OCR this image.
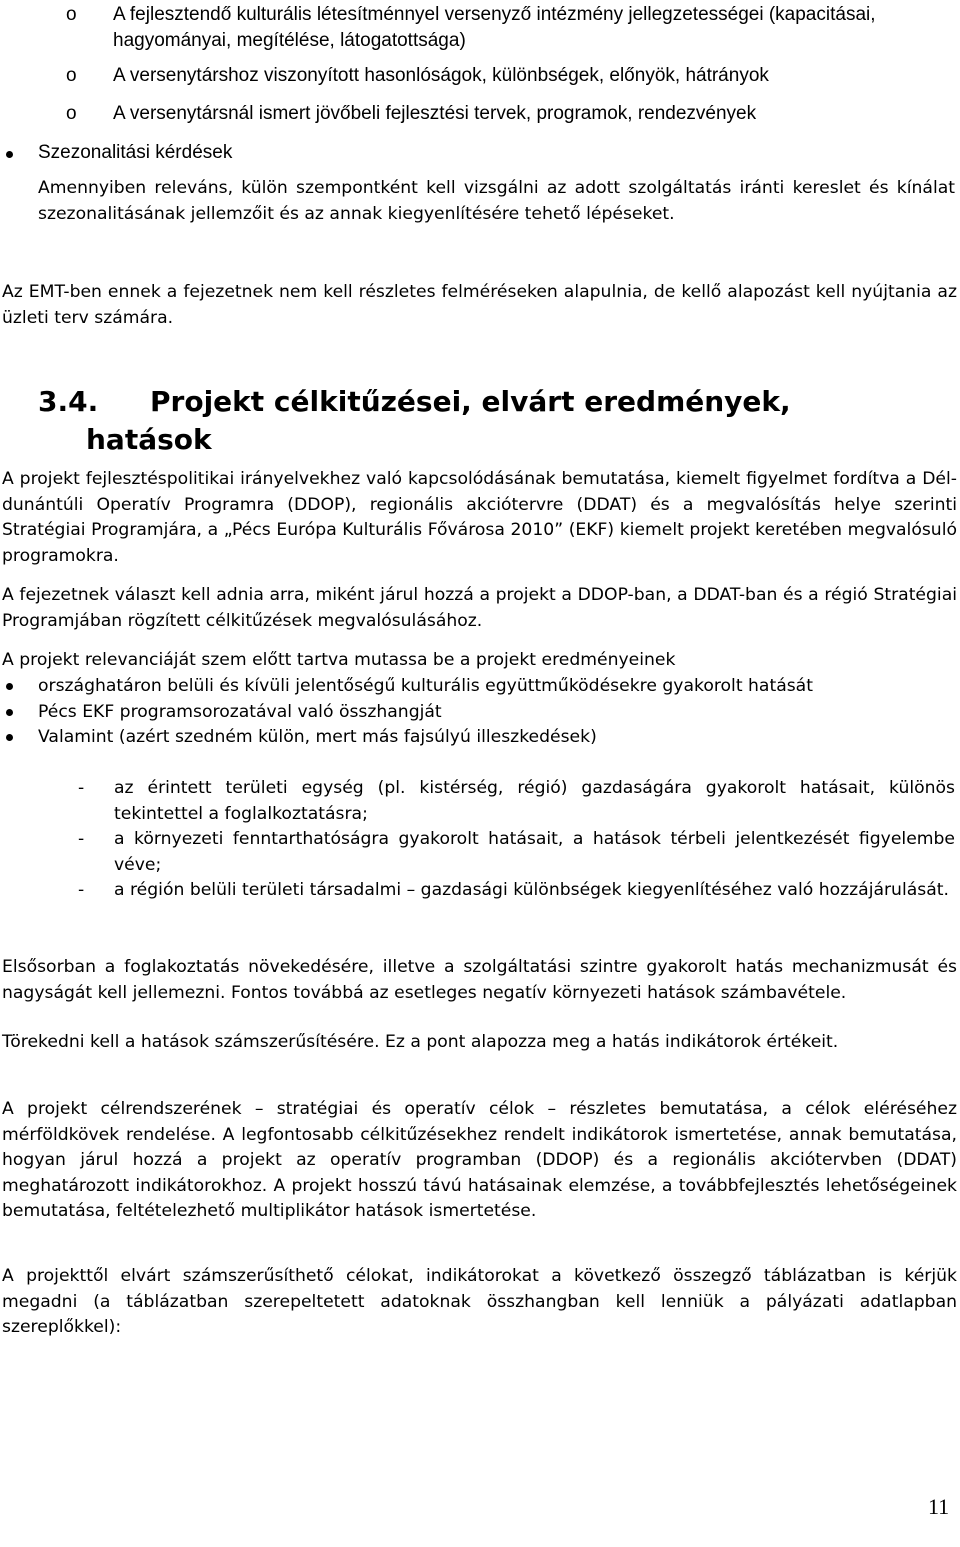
o A fejlesztendő kulturális létesítménnyel versenyző intézmény jellegzetességei (kapacitásai, hagyományai, megítélése, látogatottsága)
o A versenytárshoz viszonyított hasonlóságok, különbségek, előnyök, hátrányok
o A versenytársnál ismert jövőbeli fejlesztési tervek, programok, rendezvények
Szezonalitási kérdések

Amennyiben releváns, külön szempontként kell vizsgálni az adott szolgáltatás iránti kereslet és kínálat szezonalitásának jellemzőit és az annak kiegyenlítésére tehető lépéseket.

Az EMT-ben ennek a fejezetnek nem kell részletes felméréseken alapulnia, de kellő alapozást kell nyújtania az üzleti terv számára.

3.4. Projekt célkitűzései, elvárt eredmények,
hatások

A projekt fejlesztéspolitikai irányelvekhez való kapcsolódásának bemutatása, kiemelt figyelmet fordítva a Dél-dunántúli Operatív Programra (DDOP), regionális akciótervre (DDAT) és a megvalósítás helye szerinti Stratégiai Programjára, a „Pécs Európa Kulturális Fővárosa 2010” (EKF) kiemelt projekt keretében megvalósuló programokra.

A fejezetnek választ kell adnia arra, miként járul hozzá a projekt a DDOP-ban, a DDAT-ban és a régió Stratégiai Programjában rögzített célkitűzések megvalósulásához.

A projekt relevanciáját szem előtt tartva mutassa be a projekt eredményeinek

országhatáron belüli és kívüli jelentőségű kulturális együttműködésekre gyakorolt hatását
Pécs EKF programsorozatával való összhangját
Valamint (azért szedném külön, mert más fajsúlyú illeszkedések)
- az érintett területi egység (pl. kistérség, régió) gazdaságára gyakorolt hatásait, különös tekintettel a foglalkoztatásra;
- a környezeti fenntarthatóságra gyakorolt hatásait, a hatások térbeli jelentkezését figyelembe véve;
- a régión belüli területi társadalmi – gazdasági különbségek kiegyenlítéséhez való hozzájárulását.

Elsősorban a foglakoztatás növekedésére, illetve a szolgáltatási szintre gyakorolt hatás mechanizmusát és nagyságát kell jellemezni. Fontos továbbá az esetleges negatív környezeti hatások számbavétele.

Törekedni kell a hatások számszerűsítésére. Ez a pont alapozza meg a hatás indikátorok értékeit.

A projekt célrendszerének – stratégiai és operatív célok – részletes bemutatása, a célok eléréséhez mérföldkövek rendelése. A legfontosabb célkitűzésekhez rendelt indikátorok ismertetése, annak bemutatása, hogyan járul hozzá a projekt az operatív programban (DDOP) és a regionális akciótervben (DDAT) meghatározott indikátorokhoz. A projekt hosszú távú hatásainak elemzése, a továbbfejlesztés lehetőségeinek bemutatása, feltételezhető multiplikátor hatások ismertetése.

A projekttől elvárt számszerűsíthető célokat, indikátorokat a következő összegző táblázatban is kérjük megadni (a táblázatban szerepeltetett adatoknak összhangban kell lenniük a pályázati adatlapban szereplőkkel):

11
